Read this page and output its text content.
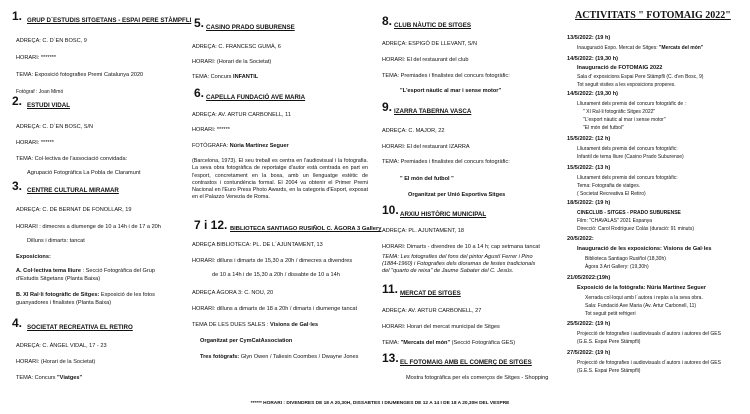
1. GRUP D´ESTUDIS SITGETANS - ESPAI PERE STÀMPFLI
ADREÇA: C. D´EN BOSC, 9
HORARI: *******
TEMA: Exposició fotografies Premi Catalunya 2020
Fotògraf : Joan Mimó
2. ESTUDI VIDAL
ADREÇA: C. D´EN BOSC, S/N
HORARI: ******
TEMA: Col·lectiva de l'associació convidada:
Agrupació Fotogràfica La Pobla de Claramunt
3. CENTRE CULTURAL MIRAMAR
ADREÇA: C. DE BERNAT DE FONOLLAR, 19
HORARI : dimecres a diumenge de 10 a 14h i de 17 a 20h
Dilluns i dimarts: tancat
Exposicions:
A. Col·lectiva tema lliure : Secció Fotogràfica del Grup
d'Estudis Sitgetans (Planta Baixa)
B. XI Ral·li fotogràfic de Sitges: Exposició de les fotos
guanyadores i finalistes (Planta Baixa)
4. SOCIETAT RECREATIVA EL RETIRO
ADREÇA: C. ÀNGEL VIDAL, 17 - 23
HORARI: (Horari de la Societat)
TEMA: Concurs "Viatges"
5. CASINO PRADO SUBURENSE
ADREÇA: C. FRANCESC GUMÀ, 6
HORARI: (Horari de la Societat)
TEMA: Concurs INFANTIL
6. CAPELLA FUNDACIÓ AVE MARIA
ADREÇA: AV. ARTUR CARBONELL, 11
HORARI: ******
FOTÒGRAFA: Núria Martínez Seguer
(Barcelona, 1973). El seu treball es centra en l'audiovisual i la fotografia. La seva obra fotogràfica de reportatge d'autor està centrada en part en l'esport, concretament en la boxa, amb un llenguatge estètic de contrastos i contundència formal. El 2004 va obtenir el Primer Premi Nacional en l'Euro Press Photo Awards, en la categoria d'Esport, exposat en el Palazzo Venezia de Roma.
7 i 12. BIBLIOTECA SANTIAGO RUSIÑOL C. ÀGORA 3 Gallery
ADREÇA BIBLIOTECA: PL. DE L´AJUNTAMENT, 13
HORARI: dilluns i dimarts de 15,30 a 20h / dimecres a divendres
de 10 a 14h i de 15,30 a 20h / dissabte de 10 a 14h
ADREÇA ÀGORA 3: C. NOU, 20
HORARI: dilluns a dimarts de 18 a 20h / dimarts i diumenge tancat
TEMA DE LES DUES SALES : Visions de Gal·les
Organitzat per CymCatAssociation
Tres fotògrafs: Glyn Owen / Taliesin Coombes / Dwayne Jones
8. CLUB NÀUTIC DE SITGES
ADREÇA: ESPIGÓ DE LLEVANT, S/N
HORARI: El del restaurant del club
TEMA: Premiades i finalistes del concurs fotogràfic:
"L'esport nàutic al mar i sense motor"
9. IZARRA TABERNA VASCA
ADREÇA: C. MAJOR, 22
HORARI: El del restaurant IZARRA
TEMA: Premiades i finalistes del concurs fotogràfic:
" El món del futbol "
Organitzat per Unió Esportiva Sitges
10. ARXIU HISTÒRIC MUNICIPAL
ADREÇA: PL. AJUNTAMENT, 18
HORARI: Dimarts - divendres de 10 a 14 h; cap setmana tancat
TEMA: Les fotografies del fons del pintor Agustí Ferrer i Pino
(1884-1960) i Fotografies dels dioramas de festes tradicionals
del "quarto de reixa" de Jaume Sabater del C. Jesús.
11. MERCAT DE SITGES
ADREÇA: AV. ARTUR CARBONELL, 27
HORARI: Horari del mercat municipal de Sitges
TEMA: "Mercats del món" (Secció Fotogràfica GES)
13. EL FOTOMAIG AMB EL COMERÇ DE SITGES
Mostra fotogràfica per els comerços de Sitges - Shopping
ACTIVITATS " FOTOMAIG 2022"
13/5/2022: (19 h)
Inauguració Expo. Mercat de Sitges: "Mercats del món"
14/5/2022: (19,30 h)
Inauguració de FOTOMAIG 2022
Sala d' exposicions Espai Pere Stämpfli (C. d'en Bosc, 9)
Tot seguit visites a les exposicions properes.
14/5/2022: (19,30 h)
Lliurament dels premis del concurs fotogràfic de :
" XI Ral·li fotogràfic Sitges 2022"
"L'esport nàutic al mar i sense motor"
"El món del futbol"
15/5/2022: (12 h)
Lliurament dels premis del concurs fotogràfic:
Infantil de tema lliure (Casino Prado Suburense)
15/5/2022: (13 h)
Lliurament dels premis del concurs fotogràfic:
Tema: Fotografia de viatges.
( Societat Recreativa El Retiro)
18/5/2022: (19 h)
CINECLUB - SITGES - PRADO SUBURENSE
Film: "CHAVALAS" 2021 Espanya
Direcció: Carol Rodríguez Colás (duració: 91 minuts)
20/5/2022:
Inauguració de les exposicions: Visions de Gal·les
Biblioteca Santiago Rusiñol (18,30h)
Àgora 3 Art Gallery: (19,30h)
21/05/2022:(19h)
Exposició de la fotògrafa: Núria Martínez Seguer
Xerrada col·loqui amb l´autora i repàs a la seva obra.
Sala: Fundació Ave Maria (Av. Artur Carbonell, 11)
Tot seguit petit refrigeri
25/5/2022: (19 h)
Projecció de fotografies i audiovisuals d´autors i autores del GES
(G.E.S. Espai Pere Stämpfli)
27/5/2022: (19 h)
Projecció de fotografies i audiovisuals d´autors i autores del GES
(G.E.S. Espai Pere Stämpfli)
****** HORARI : DIVENDRES DE 18 A 20,30H, DISSABTES I DIUMENGES DE 12 A 14 I DE 18 A 20,30H DEL VESPRE
